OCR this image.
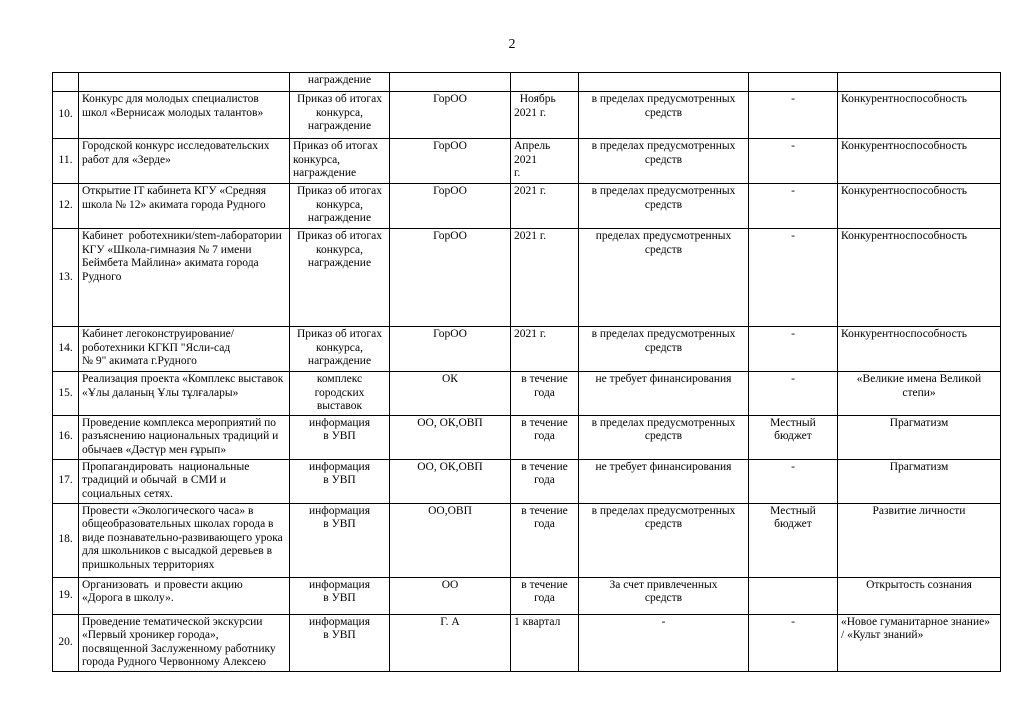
2
		награждение					
10.	Конкурс для молодых специалистов
школ «Вернисаж молодых талантов»	Приказ об итогах
конкурса,
награждение	ГорОО	Ноябрь
2021 г.	в пределах предусмотренных
средств	-	Конкурентноспособность
11.	Городской конкурс исследовательских
работ для «Зерде»	Приказ об итогах
конкурса,
награждение	ГорОО	Апрель 2021
г.	в пределах предусмотренных
средств	-	Конкурентноспособность
12.	Открытие IT кабинета КГУ «Средняя
школа № 12» акимата города Рудного	Приказ об итогах
конкурса,
награждение	ГорОО	2021 г.	в пределах предусмотренных
средств	-	Конкурентноспособность
13.	Кабинет  роботехники/stem-лаборатории
КГУ «Школа-гимназия № 7 имени
Беймбета Майлина» акимата города
Рудного	Приказ об итогах
конкурса,
награждение	ГорОО	2021 г.	пределах предусмотренных
средств	-	Конкурентноспособность
14.	Кабинет легоконструирование/
роботехники КГКП "Ясли-сад
№ 9" акимата г.Рудного	Приказ об итогах
конкурса,
награждение	ГорОО	2021 г.	в пределах предусмотренных
средств	-	Конкурентноспособность
15.	Реализация проекта «Комплекс выставок
«Ұлы даланың Ұлы тұлғалары»	комплекс
городских
выставок	ОК	в течение
года	не требует финансирования	-	«Великие имена Великой
степи»
16.	Проведение комплекса мероприятий по
разъяснению национальных традиций и
обычаев «Дәстүр мен ғұрып»	информация
в УВП	ОО, ОК,ОВП	в течение
года	в пределах предусмотренных
средств	Местный
бюджет	Прагматизм
17.	Пропагандировать  национальные
традиций и обычай  в СМИ и
социальных сетях.	информация
в УВП	ОО, ОК,ОВП	в течение
года	не требует финансирования	-	Прагматизм
18.	Провести «Экологического часа» в
общеобразовательных школах города в
виде познавательно-развивающего урока
для школьников с высадкой деревьев в
пришкольных территориях	информация
в УВП	ОО,ОВП	в течение
года	в пределах предусмотренных
средств	Местный
бюджет	Развитие личности
19.	Организовать  и провести акцию
«Дорога в школу».	информация
в УВП	ОО	в течение
года	За счет привлеченных
средств		Открытость сознания
20.	Проведение тематической экскурсии
«Первый хроникер города»,
посвященной Заслуженному работнику
города Рудного Червонному Алексею	информация
в УВП	Г. А	1 квартал	-	-	«Новое гуманитарное знание»
/ «Культ знаний»
